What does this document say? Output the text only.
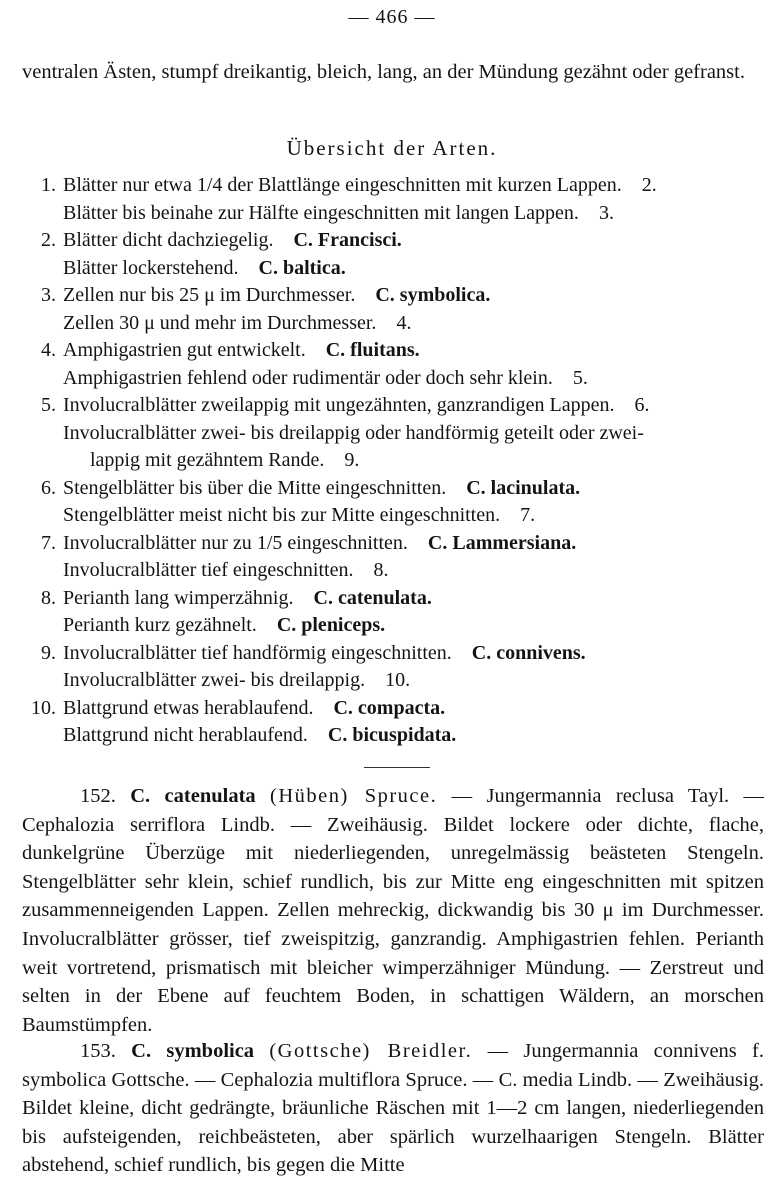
— 466 —
ventralen Ästen, stumpf dreikantig, bleich, lang, an der Mündung gezähnt oder gefranst.
Übersicht der Arten.
1. Blätter nur etwa 1/4 der Blattlänge eingeschnitten mit kurzen Lappen.  2.
Blätter bis beinahe zur Hälfte eingeschnitten mit langen Lappen.  3.
2. Blätter dicht dachziegelig.  C. Francisci.
Blätter lockerstehend.  C. baltica.
3. Zellen nur bis 25 μ im Durchmesser.  C. symbolica.
Zellen 30 μ und mehr im Durchmesser.  4.
4. Amphigastrien gut entwickelt.  C. fluitans.
Amphigastrien fehlend oder rudimentär oder doch sehr klein.  5.
5. Involucralblätter zweilappig mit ungezähnten, ganzrandigen Lappen.  6.
Involucralblätter zwei- bis dreilappig oder handförmig geteilt oder zwei-
lappig mit gezähntem Rande.  9.
6. Stengelblätter bis über die Mitte eingeschnitten.  C. lacinulata.
Stengelblätter meist nicht bis zur Mitte eingeschnitten.  7.
7. Involucralblätter nur zu 1/5 eingeschnitten.  C. Lammersiana.
Involucralblätter tief eingeschnitten.  8.
8. Perianth lang wimperzähnig.  C. catenulata.
Perianth kurz gezähnelt.  C. pleniceps.
9. Involucralblätter tief handförmig eingeschnitten.  C. connivens.
Involucralblätter zwei- bis dreilappig.  10.
10. Blattgrund etwas herablaufend.  C. compacta.
Blattgrund nicht herablaufend.  C. bicuspidata.
152. C. catenulata (Hüben) Spruce. — Jungermannia reclusa Tayl. — Cephalozia serriflora Lindb. — Zweihäusig. Bildet lockere oder dichte, flache, dunkelgrüne Überzüge mit niederliegenden, unregelmässig beästeten Stengeln. Stengelblätter sehr klein, schief rundlich, bis zur Mitte eng eingeschnitten mit spitzen zusammenneigenden Lappen. Zellen mehreckig, dickwandig bis 30 μ im Durchmesser. Involucralblätter grösser, tief zweispitzig, ganzrandig. Amphigastrien fehlen. Perianth weit vortretend, prismatisch mit bleicher wimperzähniger Mündung. — Zerstreut und selten in der Ebene auf feuchtem Boden, in schattigen Wäldern, an morschen Baumstümpfen.
153. C. symbolica (Gottsche) Breidler. — Jungermannia connivens f. symbolica Gottsche. — Cephalozia multiflora Spruce. — C. media Lindb. — Zweihäusig. Bildet kleine, dicht gedrängte, bräunliche Räschen mit 1—2 cm langen, niederliegenden bis aufsteigenden, reichbeästeten, aber spärlich wurzelhaarigen Stengeln. Blätter abstehend, schief rundlich, bis gegen die Mitte
